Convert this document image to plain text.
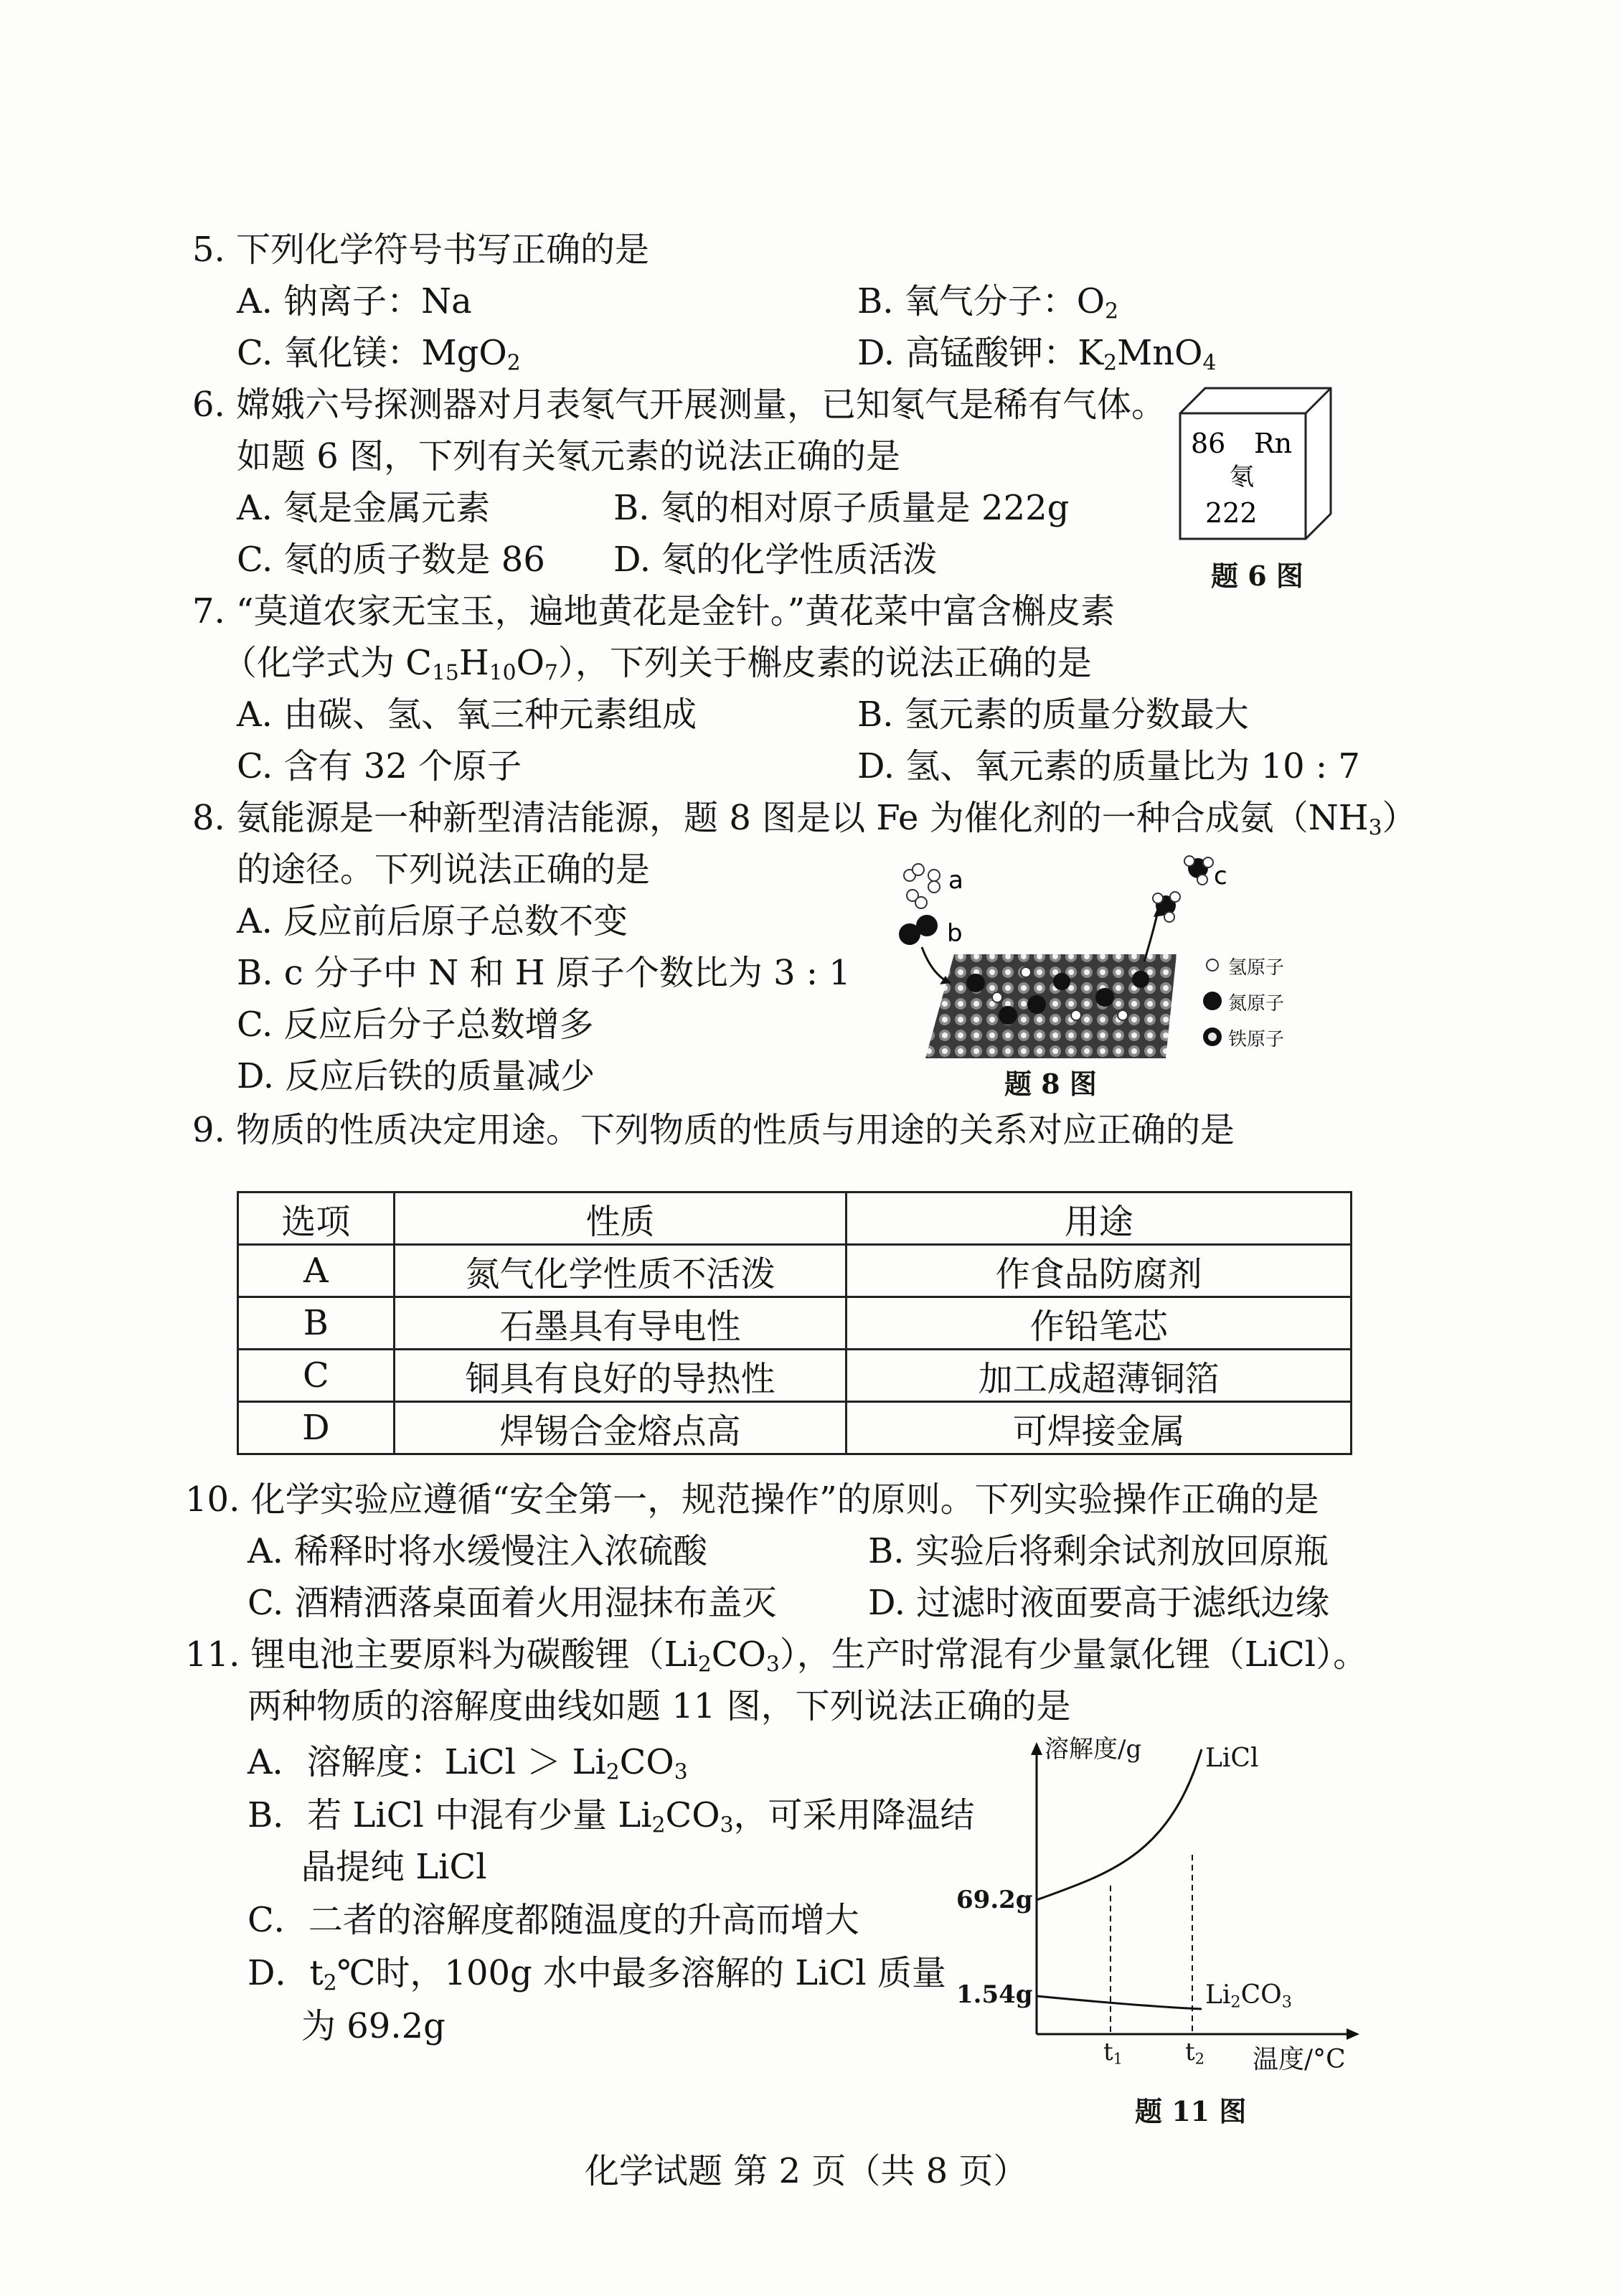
5. 下列化学符号书写正确的是
A. 钠离子：Na	B. 氧气分子：$O_2$
C. 氧化镁：MgO$_2$	D. 高锰酸钾：$K_2MnO_4$
6. 嫦娥六号探测器对月表氡气开展测量，已知氡气是稀有气体。
如题 6 图，下列有关氡元素的说法正确的是
A. 氡是金属元素	B. 氡的相对原子质量是 222g
C. 氡的质子数是 86 D. 氡的化学性质活泼
86 Rn
氡
222
题 6 图
7. “莫道农家无宝玉，遍地黄花是金针。”黄花菜中富含槲皮素
（化学式为 $C_{15}H_{10}O_7$），下列关于槲皮素的说法正确的是
A. 由碳、氢、氧三种元素组成	B. 氢元素的质量分数最大
C. 含有 32 个原子	D. 氢、氧元素的质量比为 10 : 7
8. 氨能源是一种新型清洁能源，题 8 图是以 Fe 为催化剂的一种合成氨$(NH_3)$
的途径。下列说法正确的是
A. 反应前后原子总数不变
B. c 分子中 N 和 H 原子个数比为 3 : 1
C. 反应后分子总数增多
D. 反应后铁的质量减少
a
b
c
氢原子
氮原子
铁原子
题 8 图
9. 物质的性质决定用途。下列物质的性质与用途的关系对应正确的是
选项	性质	用途
A	氮气化学性质不活泼	作食品防腐剂
B	石墨具有导电性	作铅笔芯
C	铜具有良好的导热性	加工成超薄铜箔
D	焊锡合金熔点高	可焊接金属
10. 化学实验应遵循“安全第一，规范操作”的原则。下列实验操作正确的是
A. 稀释时将水缓慢注入浓硫酸	B. 实验后将剩余试剂放回原瓶
C. 酒精洒落桌面着火用湿抹布盖灭	D. 过滤时液面要高于滤纸边缘
11. 锂电池主要原料为碳酸锂$(Li_2CO_3)$，生产时常混有少量氯化锂（LiCl）。
两种物质的溶解度曲线如题 11 图，下列说法正确的是
A．溶解度：LiCl ＞ $Li_2CO_3$
B．若 LiCl 中混有少量 $Li_2CO_3$，可采用降温结
晶提纯 LiCl
C．二者的溶解度都随温度的升高而增大
D．$t_2℃$时，100g 水中最多溶解的 LiCl 质量
为 69.2g
溶解度/g LiCl
69.2g
1.54g	$Li_2CO_3$
$t_1$	$t_2$ 温度/°C
题 11 图
化学试题 第 2 页（共 8 页）
